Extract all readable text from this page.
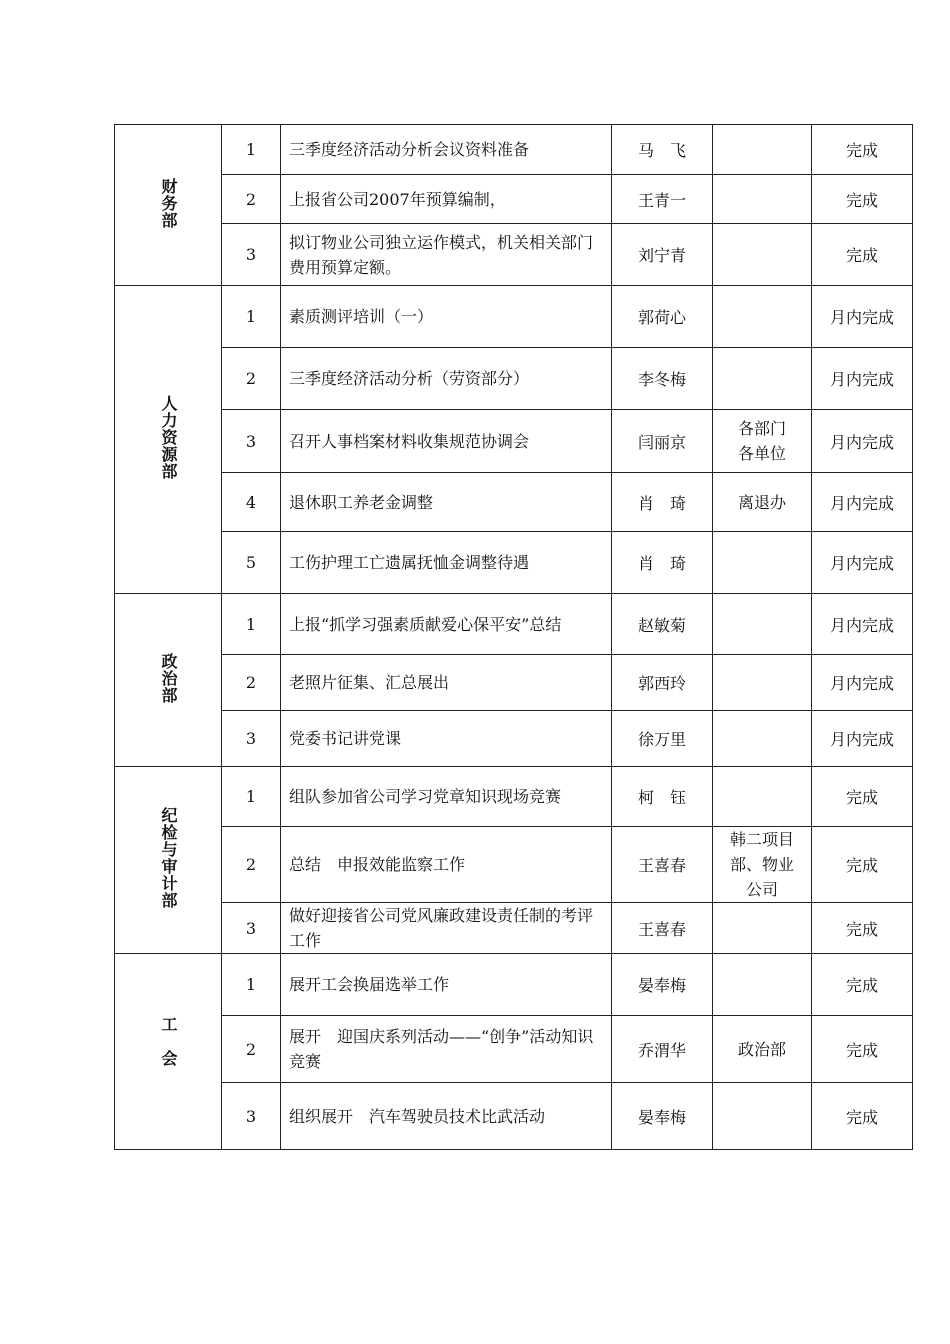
财务部	1	三季度经济活动分析会议资料准备	马　飞		完成
	2	上报省公司2007年预算编制，	王青一		完成
	3	拟订物业公司独立运作模式，机关相关部门费用预算定额。	刘宁青		完成
人力资源部	1	素质测评培训（一）	郭荷心		月内完成
	2	三季度经济活动分析（劳资部分）	李冬梅		月内完成
	3	召开人事档案材料收集规范协调会	闫丽京	各部门各单位	月内完成
	4	退休职工养老金调整	肖　琦	离退办	月内完成
	5	工伤护理工亡遗属抚恤金调整待遇	肖　琦		月内完成
政治部	1	上报“抓学习强素质献爱心保平安”总结	赵敏菊		月内完成
	2	老照片征集、汇总展出	郭西玲		月内完成
	3	党委书记讲党课	徐万里		月内完成
纪检与审计部	1	组队参加省公司学习党章知识现场竞赛	柯　钰		完成
	2	总结　申报效能监察工作	王喜春	韩二项目部、物业公司	完成
	3	做好迎接省公司党风廉政建设责任制的考评工作	王喜春		完成
工会	1	展开工会换届选举工作	晏奉梅		完成
	2	展开　迎国庆系列活动——“创争”活动知识竞赛	乔渭华	政治部	完成
	3	组织展开　汽车驾驶员技术比武活动	晏奉梅		完成
